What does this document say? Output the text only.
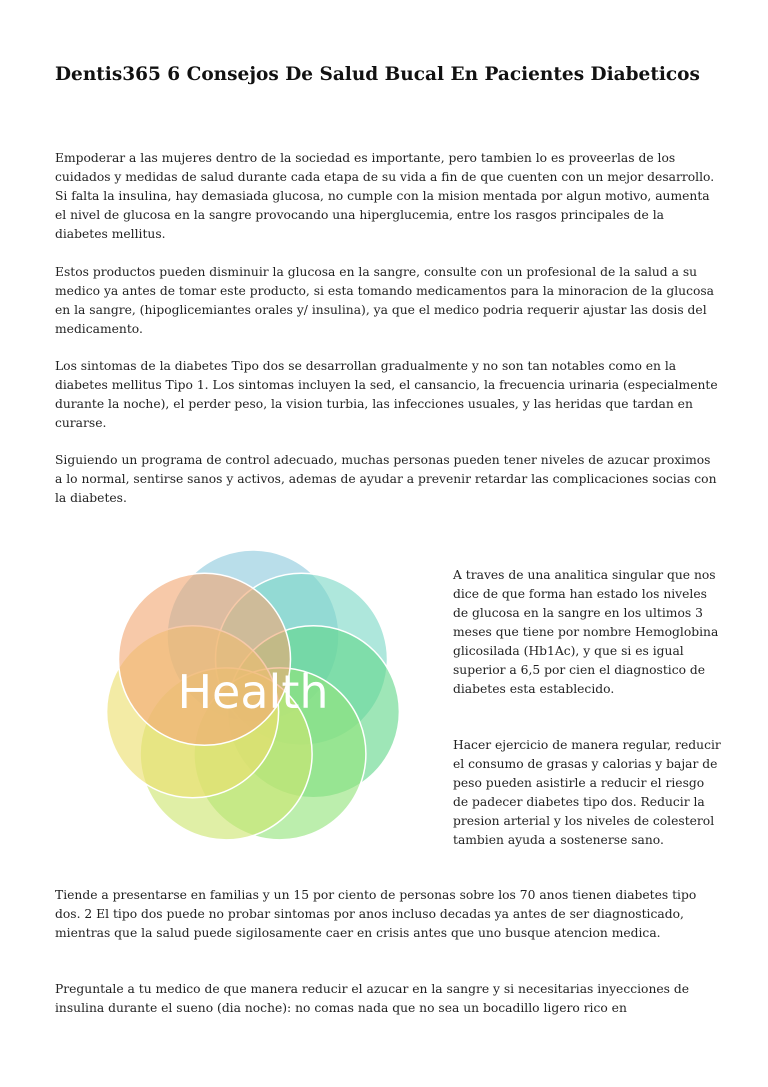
Dentis365 6 Consejos De Salud Bucal En Pacientes Diabeticos

Empoderar a las mujeres dentro de la sociedad es importante, pero tambien lo es proveerlas de los cuidados y medidas de salud durante cada etapa de su vida a fin de que cuenten con un mejor desarrollo. Si falta la insulina, hay demasiada glucosa, no cumple con la mision mentada por algun motivo, aumenta el nivel de glucosa en la sangre provocando una hiperglucemia, entre los rasgos principales de la diabetes mellitus.

Estos productos pueden disminuir la glucosa en la sangre, consulte con un profesional de la salud a su medico ya antes de tomar este producto, si esta tomando medicamentos para la minoracion de la glucosa en la sangre, (hipoglicemiantes orales y/ insulina), ya que el medico podria requerir ajustar las dosis del medicamento.

Los sintomas de la diabetes Tipo dos se desarrollan gradualmente y no son tan notables como en la diabetes mellitus Tipo 1. Los sintomas incluyen la sed, el cansancio, la frecuencia urinaria (especialmente durante la noche), el perder peso, la vision turbia, las infecciones usuales, y las heridas que tardan en curarse.

Siguiendo un programa de control adecuado, muchas personas pueden tener niveles de azucar proximos a lo normal, sentirse sanos y activos, ademas de ayudar a prevenir retardar las complicaciones socias con la diabetes.

Health

A traves de una analitica singular que nos dice de que forma han estado los niveles de glucosa en la sangre en los ultimos 3 meses que tiene por nombre Hemoglobina glicosilada (Hb1Ac), y que si es igual superior a 6,5 por cien el diagnostico de diabetes esta establecido.

Hacer ejercicio de manera regular, reducir el consumo de grasas y calorias y bajar de peso pueden asistirle a reducir el riesgo de padecer diabetes tipo dos. Reducir la presion arterial y los niveles de colesterol tambien ayuda a sostenerse sano.

Tiende a presentarse en familias y un 15 por ciento de personas sobre los 70 anos tienen diabetes tipo dos. 2 El tipo dos puede no probar sintomas por anos incluso decadas ya antes de ser diagnosticado, mientras que la salud puede sigilosamente caer en crisis antes que uno busque atencion medica.

Preguntale a tu medico de que manera reducir el azucar en la sangre y si necesitarias inyecciones de insulina durante el sueno (dia noche): no comas nada que no sea un bocadillo ligero rico en
